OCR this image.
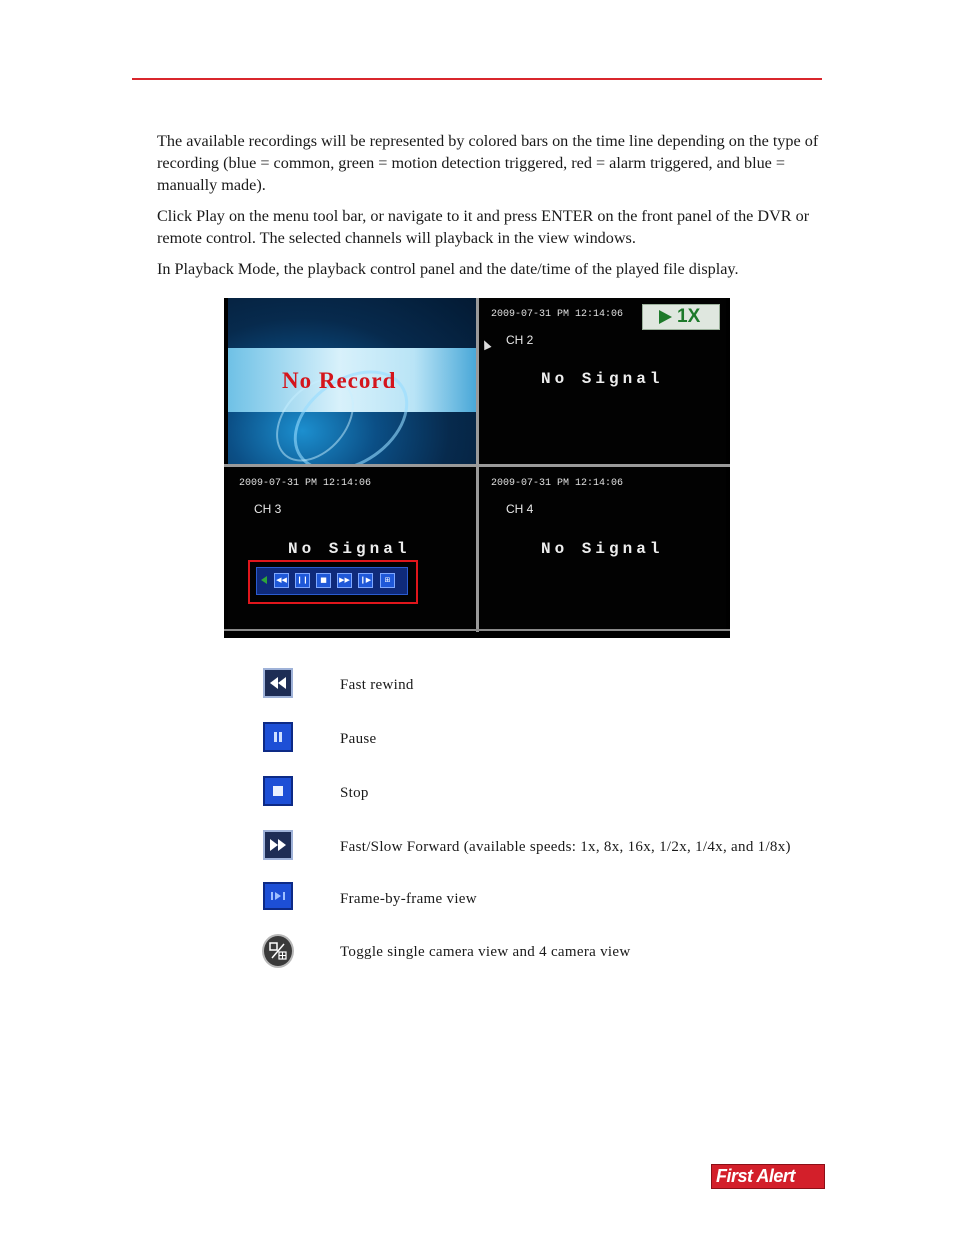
The available recordings will be represented by colored bars on the time line depending on the type of recording (blue = common, green = motion detection triggered, red = alarm triggered, and blue = manually made).

Click Play on the menu tool bar, or navigate to it and press ENTER on the front panel of the DVR or remote control. The selected channels will playback in the view windows.

In Playback Mode, the playback control panel and the date/time of the played file display.

No Record
2009-07-31 PM 12:14:06
CH 2
No Signal
1X
2009-07-31 PM 12:14:06
CH 3
No Signal
◀◀	❙❙	■	▶▶	❙▶	⊞
2009-07-31 PM 12:14:06
CH 4
No Signal
Fast rewind
Pause
Stop
Fast/Slow Forward (available speeds: 1x, 8x, 16x, 1/2x, 1/4x, and 1/8x)
Frame-by-frame view
Toggle single camera view and 4 camera view
First Alert
